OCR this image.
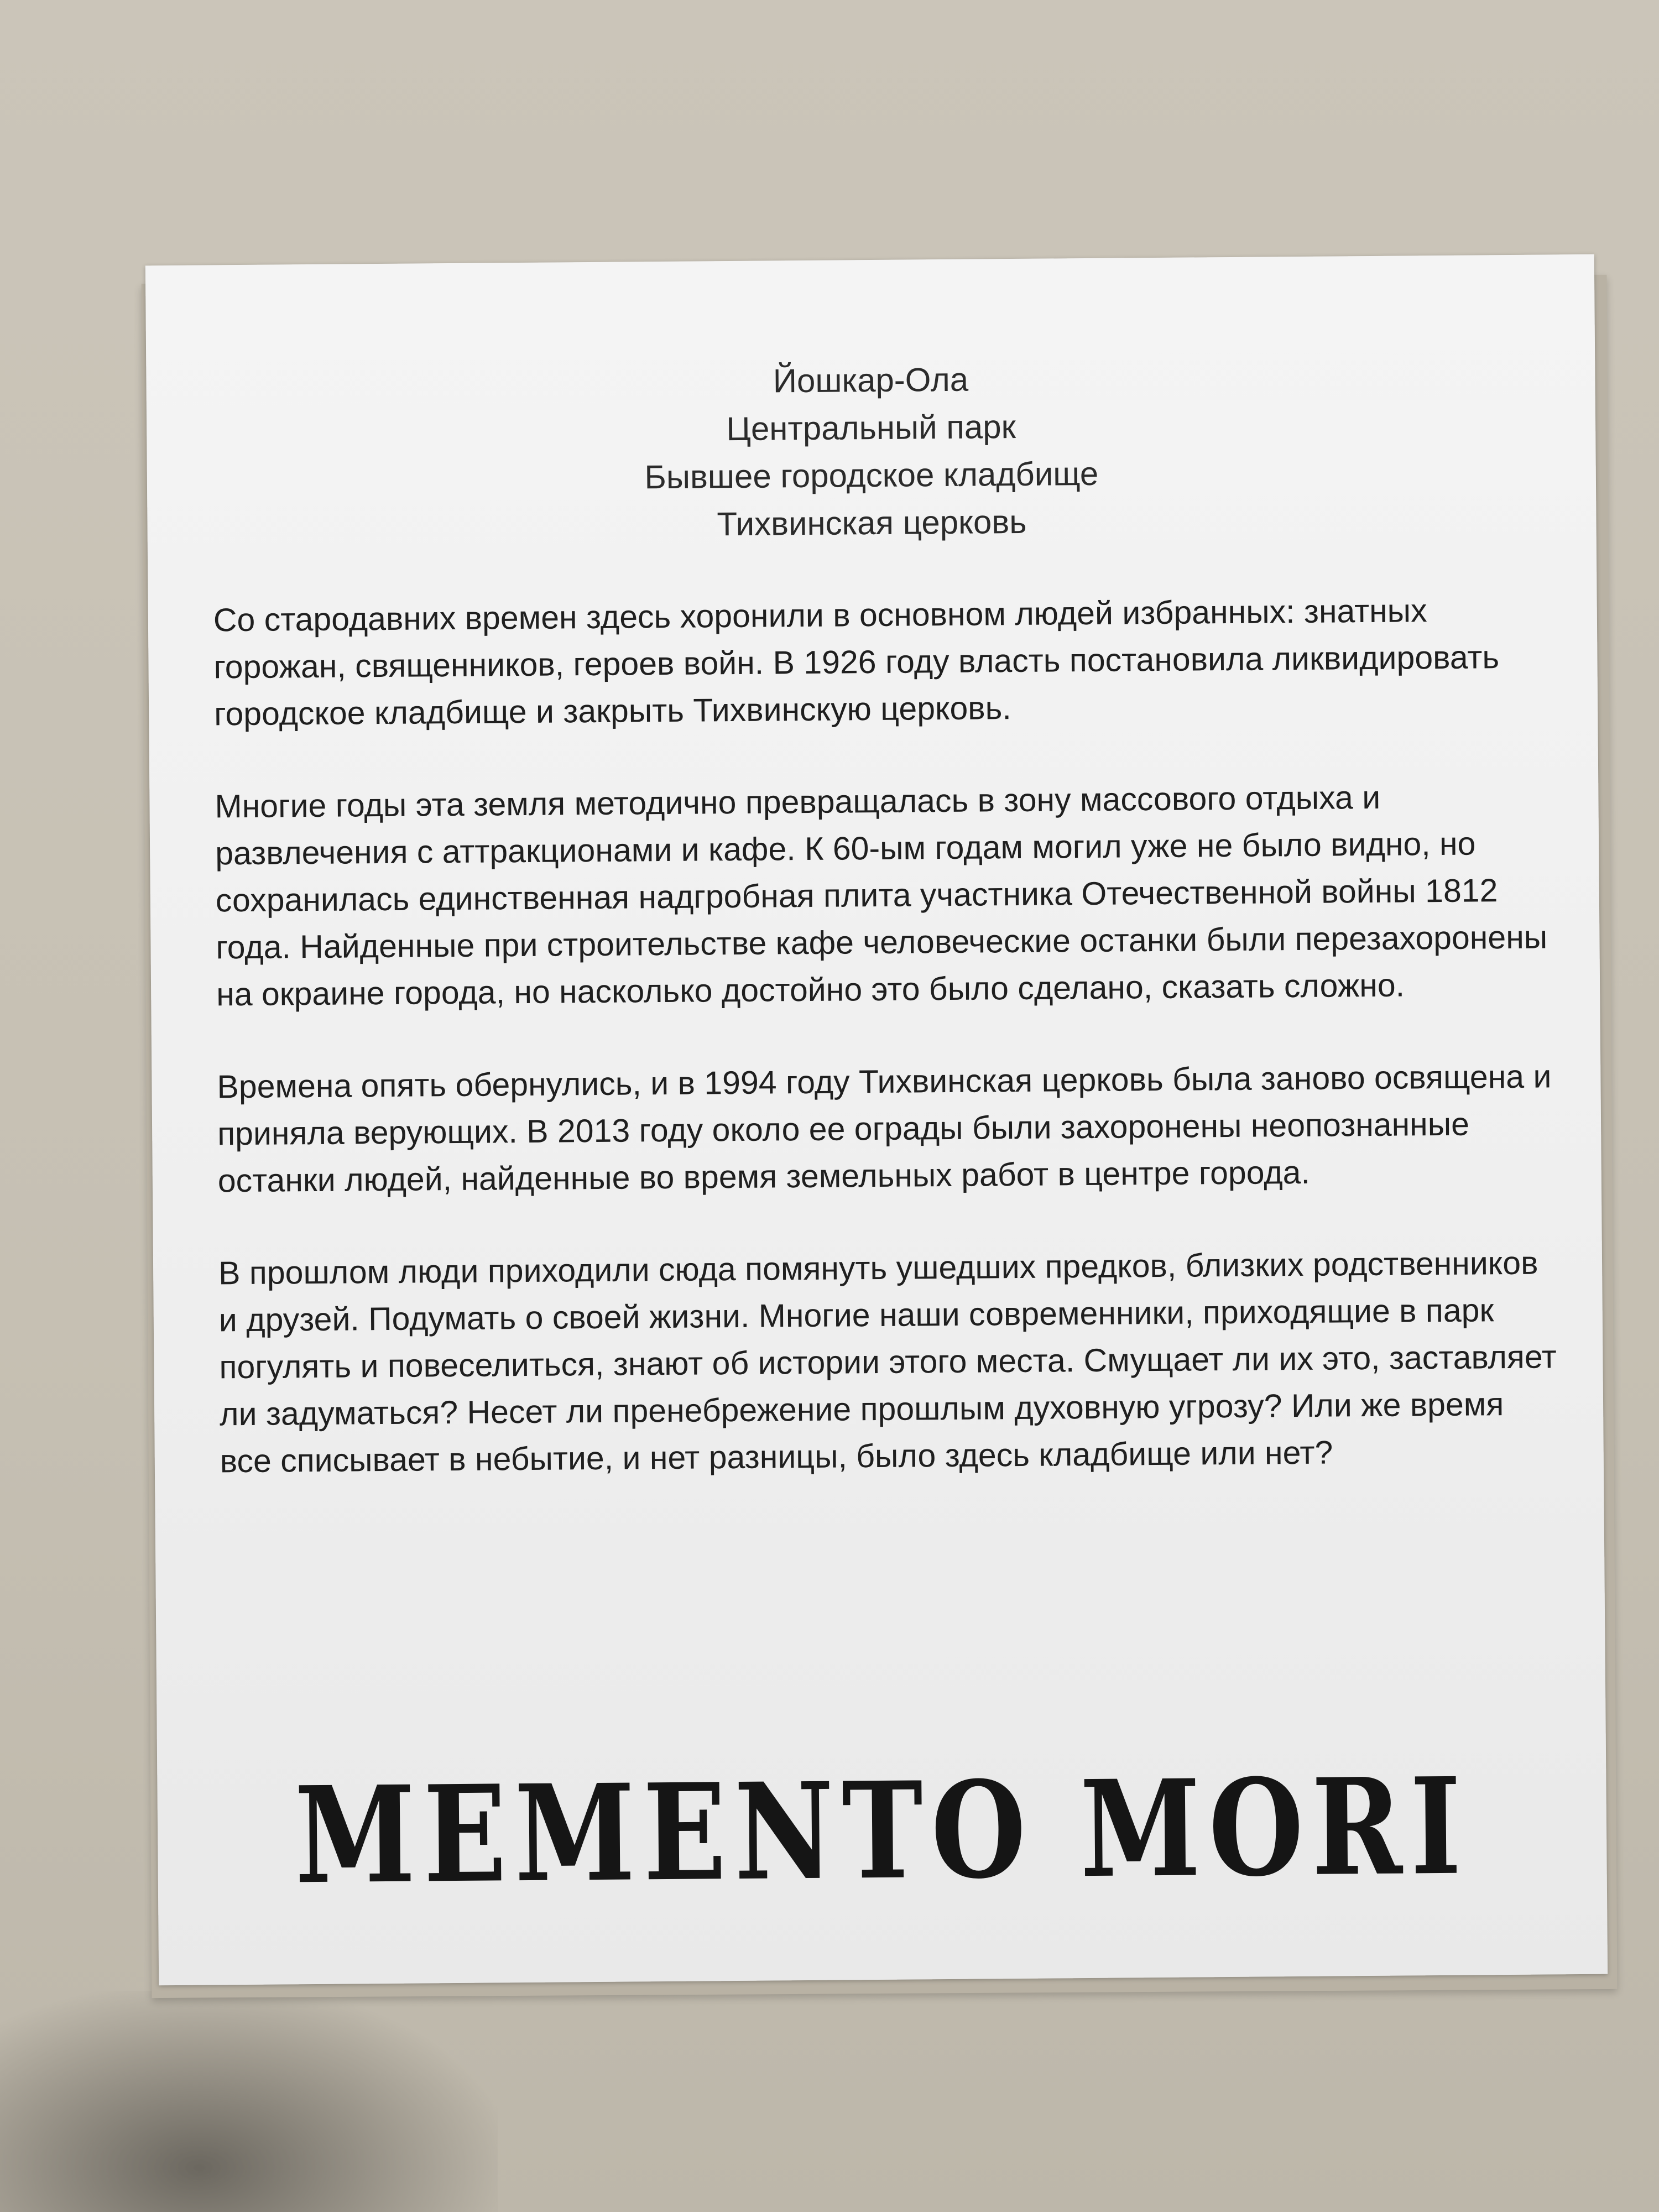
Йошкар-Ола
Центральный парк
Бывшее городское кладбище
Тихвинская церковь

Со стародавних времен здесь хоронили в основном людей избранных: знатных горожан, священников, героев войн. В 1926 году власть постановила ликвидировать городское кладбище и закрыть Тихвинскую церковь.

Многие годы эта земля методично превращалась в зону массового отдыха и развлечения с аттракционами и кафе. К 60-ым годам могил уже не было видно, но сохранилась единственная надгробная плита участника Отечественной войны 1812 года. Найденные при строительстве кафе человеческие останки были перезахоронены на окраине города, но насколько достойно это было сделано, сказать сложно.

Времена опять обернулись, и в 1994 году Тихвинская церковь была заново освящена и приняла верующих. В 2013 году около ее ограды были захоронены неопознанные останки людей, найденные во время земельных работ в центре города.

В прошлом люди приходили сюда помянуть ушедших предков, близких родственников и друзей. Подумать о своей жизни. Многие наши современники, приходящие в парк погулять и повеселиться, знают об истории этого места. Смущает ли их это, заставляет ли задуматься? Несет ли пренебрежение прошлым духовную угрозу? Или же время все списывает в небытие, и нет разницы, было здесь кладбище или нет?

MEMENTO MORI
